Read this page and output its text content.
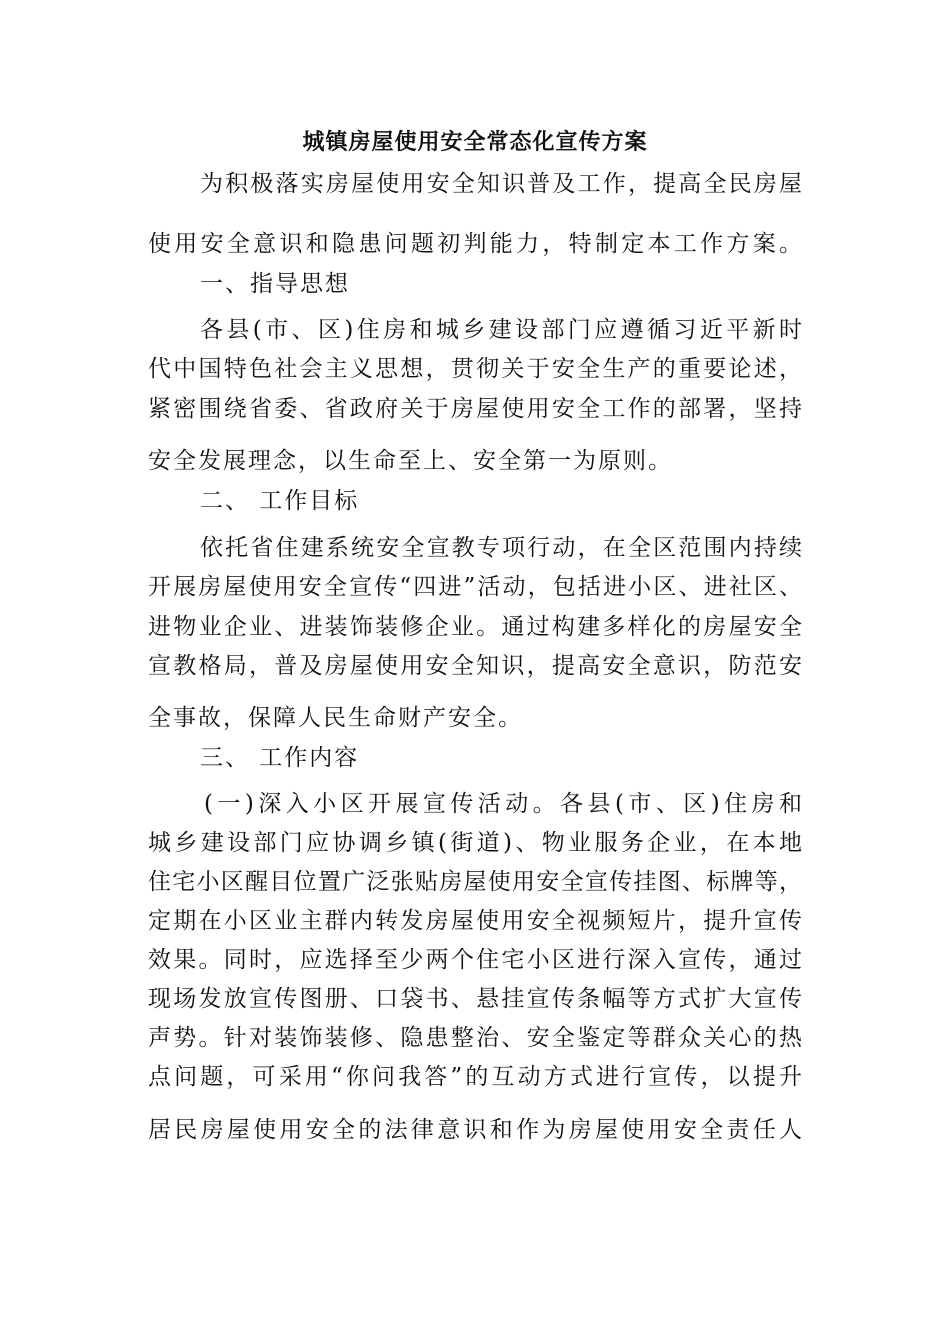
城镇房屋使用安全常态化宣传方案
为积极落实房屋使用安全知识普及工作，提高全民房屋
使用安全意识和隐患问题初判能力，特制定本工作方案。
一、指导思想
各县(市、区)住房和城乡建设部门应遵循习近平新时
代中国特色社会主义思想，贯彻关于安全生产的重要论述，
紧密围绕省委、省政府关于房屋使用安全工作的部署，坚持
安全发展理念，以生命至上、安全第一为原则。
二、 工作目标
依托省住建系统安全宣教专项行动，在全区范围内持续
开展房屋使用安全宣传“四进”活动，包括进小区、进社区、
进物业企业、进装饰装修企业。通过构建多样化的房屋安全
宣教格局，普及房屋使用安全知识，提高安全意识，防范安
全事故，保障人民生命财产安全。
三、 工作内容
(一)深入小区开展宣传活动。各县(市、区)住房和
城乡建设部门应协调乡镇(街道)、物业服务企业，在本地
住宅小区醒目位置广泛张贴房屋使用安全宣传挂图、标牌等，
定期在小区业主群内转发房屋使用安全视频短片，提升宣传
效果。同时，应选择至少两个住宅小区进行深入宣传，通过
现场发放宣传图册、口袋书、悬挂宣传条幅等方式扩大宣传
声势。针对装饰装修、隐患整治、安全鉴定等群众关心的热
点问题，可采用“你问我答”的互动方式进行宣传，以提升
居民房屋使用安全的法律意识和作为房屋使用安全责任人
